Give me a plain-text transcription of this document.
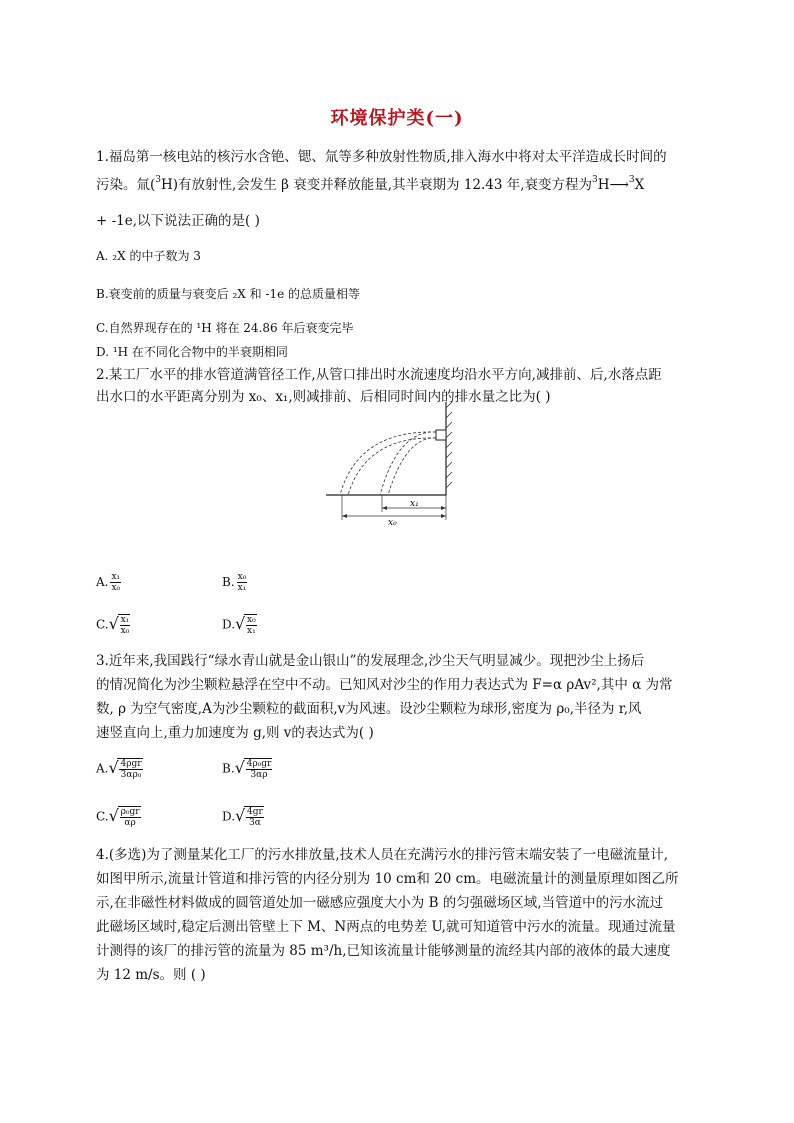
环境保护类(一)
1.福岛第一核电站的核污水含铯、锶、氚等多种放射性物质,排入海水中将对太平洋造成长时间的
污染。氚($^3$H)有放射性,会发生 β 衰变并释放能量,其半衰期为 12.43 年,衰变方程为$^3$H⟶$^3$X
+ -1e,以下说法正确的是( )
A. ₂X 的中子数为 3
B.衰变前的质量与衰变后 ₂X 和 -1e 的总质量相等
C.自然界现存在的 ¹H 将在 24.86 年后衰变完毕
D. ¹H 在不同化合物中的半衰期相同
2.某工厂水平的排水管道满管径工作,从管口排出时水流速度均沿水平方向,减排前、后,水落点距
出水口的水平距离分别为 x₀、x₁,则减排前、后相同时间内的排水量之比为( )
x₁
x₀
A. $\frac{\text{x₁}}{\text{x₀}}$	B. $\frac{\text{x₀}}{\text{x₁}}$
C. √ $\frac{\text{x₁}}{\text{x₀}}$	D. √ $\frac{\text{x₀}}{\text{x₁}}$
3.近年来,我国践行“绿水青山就是金山银山”的发展理念,沙尘天气明显减少。现把沙尘上扬后
的情况简化为沙尘颗粒悬浮在空中不动。已知风对沙尘的作用力表达式为 F=α ρAv²,其中 α 为常
数, ρ 为空气密度,A为沙尘颗粒的截面积,v为风速。设沙尘颗粒为球形,密度为 ρ₀,半径为 r,风
速竖直向上,重力加速度为 g,则 v的表达式为( )
A. √ $\frac{\text{4ρgr}}{\text{3αρ₀}}$	B. √ $\frac{\text{4ρ₀gr}}{3\alpha\rho}$
C. √ $\frac{\text{ρ₀gr}}{\alpha\rho}$	D. √ $\frac{4gr}{3\alpha}$
4.(多选)为了测量某化工厂的污水排放量,技术人员在充满污水的排污管末端安装了一电磁流量计,
如图甲所示,流量计管道和排污管的内径分别为 10 cm和 20 cm。电磁流量计的测量原理如图乙所
示,在非磁性材料做成的圆管道处加一磁感应强度大小为 B 的匀强磁场区域,当管道中的污水流过
此磁场区域时,稳定后测出管壁上下 M、N两点的电势差 U,就可知道管中污水的流量。现通过流量
计测得的该厂的排污管的流量为 85 m³/h,已知该流量计能够测量的流经其内部的液体的最大速度
为 12 m/s。则 ( )
